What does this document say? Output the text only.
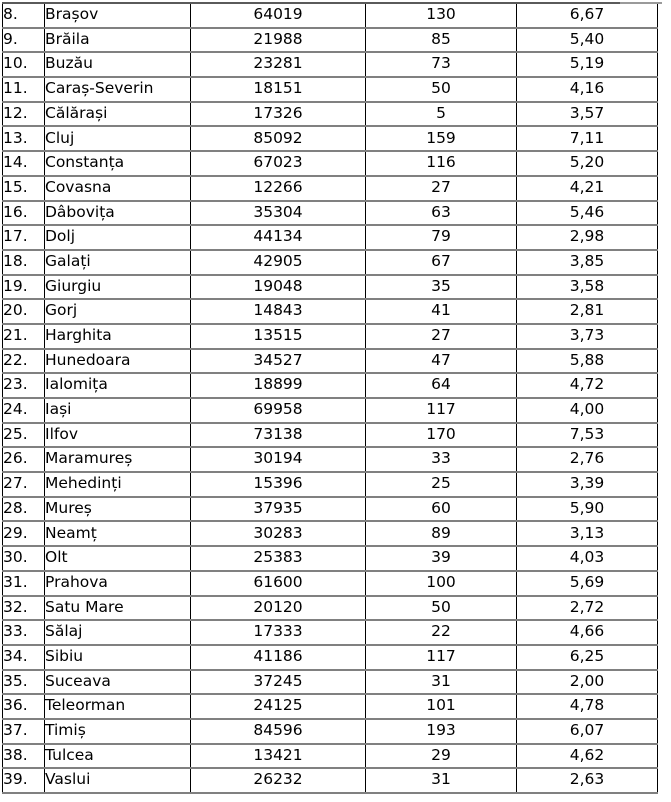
8.	Brașov	64019	130	6,67
9.	Brăila	21988	85	5,40
10.	Buzău	23281	73	5,19
11.	Caraș-Severin	18151	50	4,16
12.	Călărași	17326	5	3,57
13.	Cluj	85092	159	7,11
14.	Constanța	67023	116	5,20
15.	Covasna	12266	27	4,21
16.	Dâbovița	35304	63	5,46
17.	Dolj	44134	79	2,98
18.	Galați	42905	67	3,85
19.	Giurgiu	19048	35	3,58
20.	Gorj	14843	41	2,81
21.	Harghita	13515	27	3,73
22.	Hunedoara	34527	47	5,88
23.	Ialomița	18899	64	4,72
24.	Iași	69958	117	4,00
25.	Ilfov	73138	170	7,53
26.	Maramureș	30194	33	2,76
27.	Mehedinți	15396	25	3,39
28.	Mureș	37935	60	5,90
29.	Neamț	30283	89	3,13
30.	Olt	25383	39	4,03
31.	Prahova	61600	100	5,69
32.	Satu Mare	20120	50	2,72
33.	Sălaj	17333	22	4,66
34.	Sibiu	41186	117	6,25
35.	Suceava	37245	31	2,00
36.	Teleorman	24125	101	4,78
37.	Timiș	84596	193	6,07
38.	Tulcea	13421	29	4,62
39.	Vaslui	26232	31	2,63
